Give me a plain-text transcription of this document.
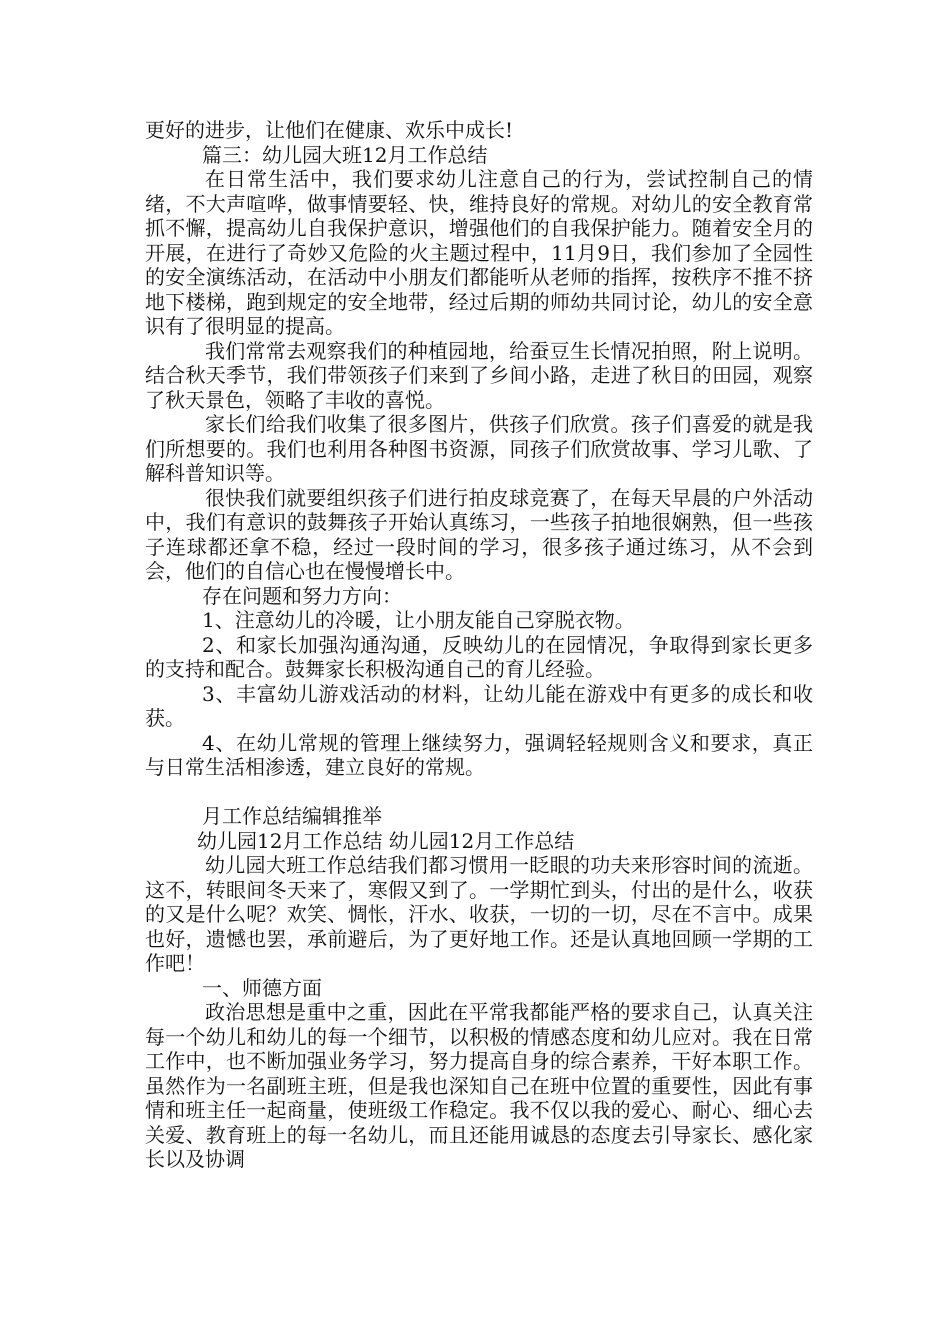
更好的进步，让他们在健康、欢乐中成长!

篇三：幼儿园大班12月工作总结

在日常生活中，我们要求幼儿注意自己的行为，尝试控制自己的情绪，不大声喧哗，做事情要轻、快，维持良好的常规。对幼儿的安全教育常抓不懈，提高幼儿自我保护意识，增强他们的自我保护能力。随着安全月的开展，在进行了奇妙又危险的火主题过程中，11月9日，我们参加了全园性的安全演练活动，在活动中小朋友们都能听从老师的指挥，按秩序不推不挤地下楼梯，跑到规定的安全地带，经过后期的师幼共同讨论，幼儿的安全意识有了很明显的提高。

我们常常去观察我们的种植园地，给蚕豆生长情况拍照，附上说明。结合秋天季节，我们带领孩子们来到了乡间小路，走进了秋日的田园，观察了秋天景色，领略了丰收的喜悦。

家长们给我们收集了很多图片，供孩子们欣赏。孩子们喜爱的就是我们所想要的。我们也利用各种图书资源，同孩子们欣赏故事、学习儿歌、了解科普知识等。

很快我们就要组织孩子们进行拍皮球竞赛了，在每天早晨的户外活动中，我们有意识的鼓舞孩子开始认真练习，一些孩子拍地很娴熟，但一些孩子连球都还拿不稳，经过一段时间的学习，很多孩子通过练习，从不会到会，他们的自信心也在慢慢增长中。

存在问题和努力方向：

1、注意幼儿的冷暖，让小朋友能自己穿脱衣物。

2、和家长加强沟通沟通，反映幼儿的在园情况，争取得到家长更多的支持和配合。鼓舞家长积极沟通自己的育儿经验。

3、丰富幼儿游戏活动的材料，让幼儿能在游戏中有更多的成长和收获。

4、在幼儿常规的管理上继续努力，强调轻轻规则含义和要求，真正与日常生活相渗透，建立良好的常规。

月工作总结编辑推举

幼儿园12月工作总结 幼儿园12月工作总结

幼儿园大班工作总结我们都习惯用一眨眼的功夫来形容时间的流逝。这不，转眼间冬天来了，寒假又到了。一学期忙到头，付出的是什么，收获的又是什么呢？欢笑、惆怅，汗水、收获，一切的一切，尽在不言中。成果也好，遗憾也罢，承前避后，为了更好地工作。还是认真地回顾一学期的工作吧！

一、师德方面

政治思想是重中之重，因此在平常我都能严格的要求自己，认真关注每一个幼儿和幼儿的每一个细节，以积极的情感态度和幼儿应对。我在日常工作中，也不断加强业务学习，努力提高自身的综合素养，干好本职工作。虽然作为一名副班主班，但是我也深知自己在班中位置的重要性，因此有事情和班主任一起商量，使班级工作稳定。我不仅以我的爱心、耐心、细心去关爱、教育班上的每一名幼儿，而且还能用诚恳的态度去引导家长、感化家长以及协调
